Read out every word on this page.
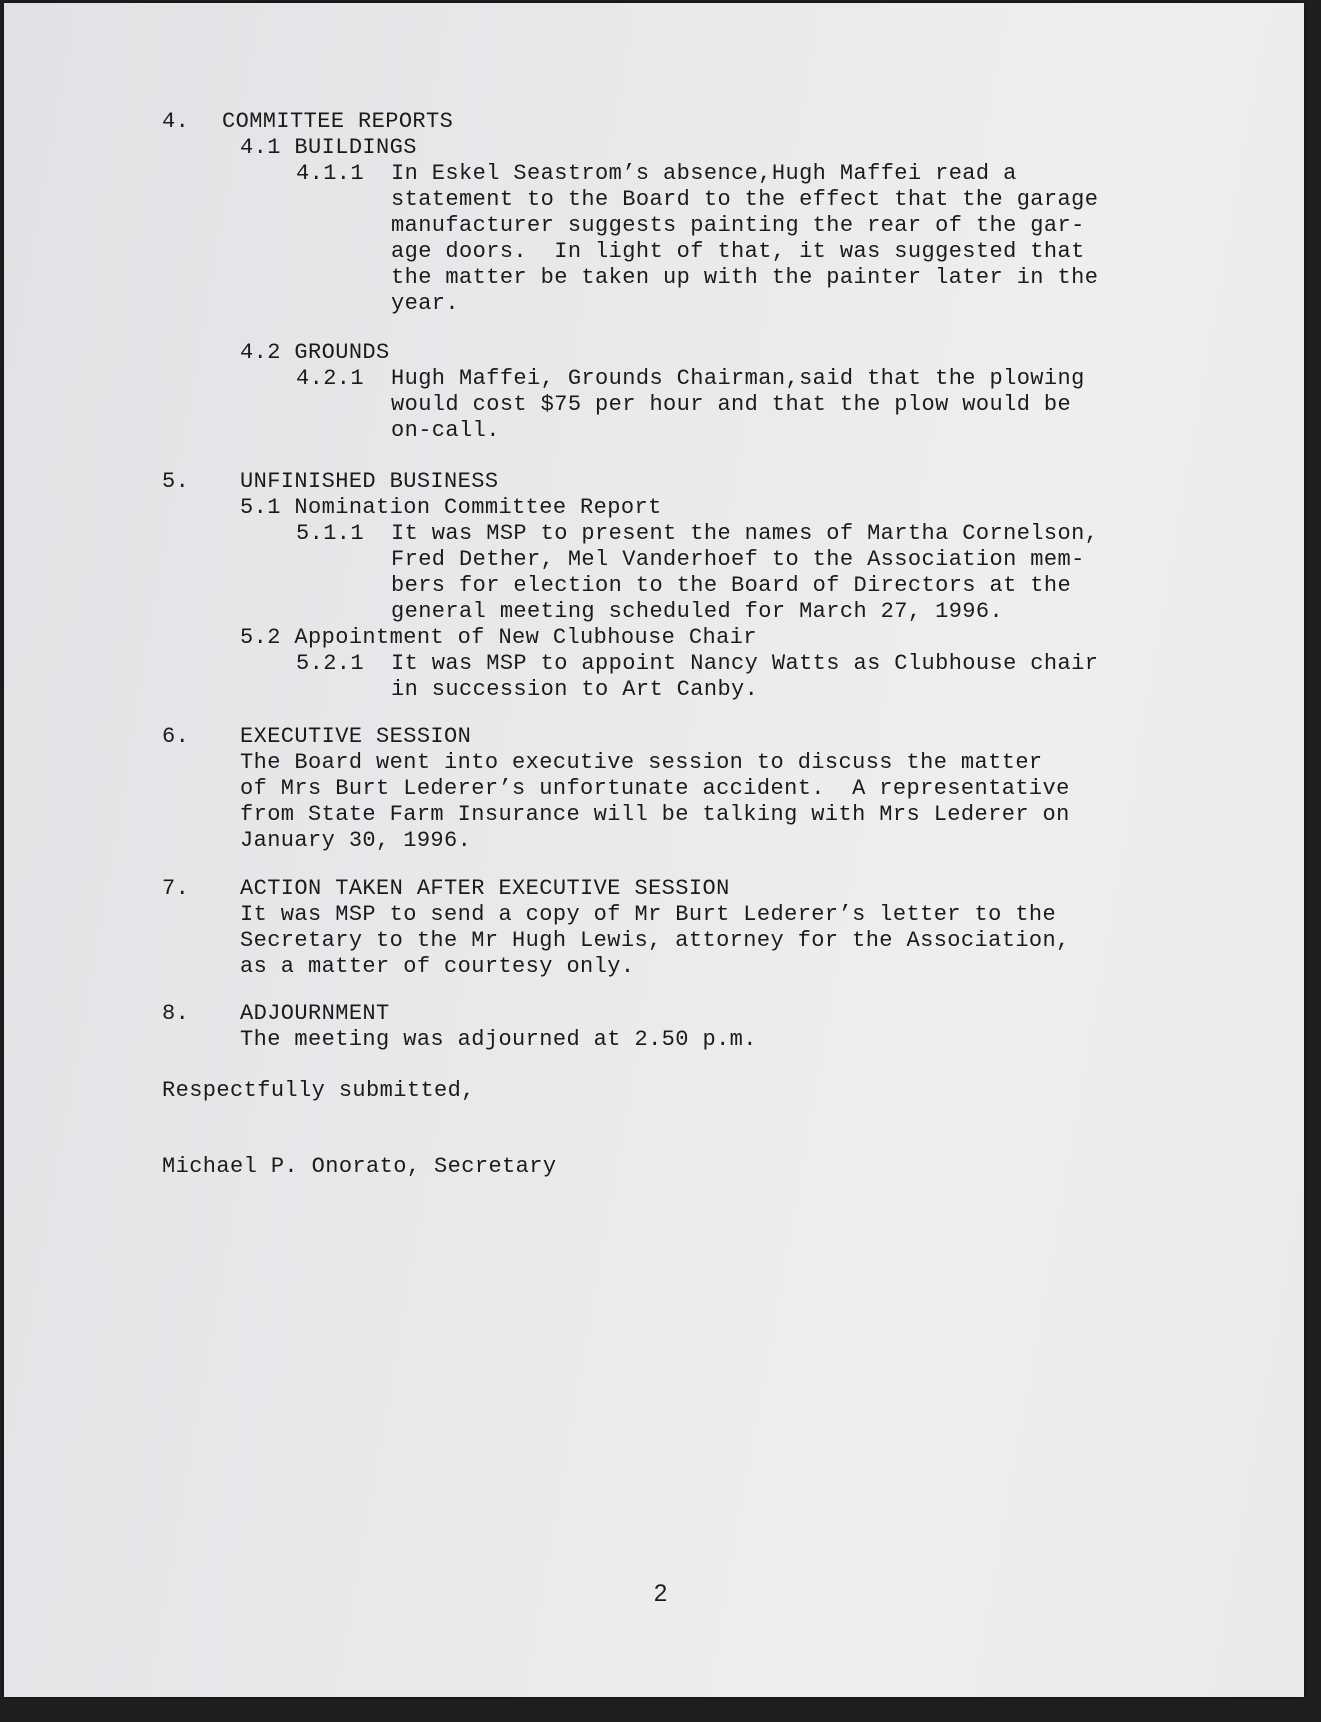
4. COMMITTEE REPORTS
4.1 BUILDINGS
4.1.1 In Eskel Seastrom’s absence,Hugh Maffei read a
statement to the Board to the effect that the garage
manufacturer suggests painting the rear of the gar-
age doors.  In light of that, it was suggested that
the matter be taken up with the painter later in the
year.
4.2 GROUNDS
4.2.1 Hugh Maffei, Grounds Chairman,said that the plowing
would cost $75 per hour and that the plow would be
on-call.
5. UNFINISHED BUSINESS
5.1 Nomination Committee Report
5.1.1 It was MSP to present the names of Martha Cornelson,
Fred Dether, Mel Vanderhoef to the Association mem-
bers for election to the Board of Directors at the
general meeting scheduled for March 27, 1996.
5.2 Appointment of New Clubhouse Chair
5.2.1 It was MSP to appoint Nancy Watts as Clubhouse chair
in succession to Art Canby.
6. EXECUTIVE SESSION
The Board went into executive session to discuss the matter
of Mrs Burt Lederer’s unfortunate accident.  A representative
from State Farm Insurance will be talking with Mrs Lederer on
January 30, 1996.
7. ACTION TAKEN AFTER EXECUTIVE SESSION
It was MSP to send a copy of Mr Burt Lederer’s letter to the
Secretary to the Mr Hugh Lewis, attorney for the Association,
as a matter of courtesy only.
8. ADJOURNMENT
The meeting was adjourned at 2.50 p.m.
Respectfully submitted,
Michael P. Onorato, Secretary
2
